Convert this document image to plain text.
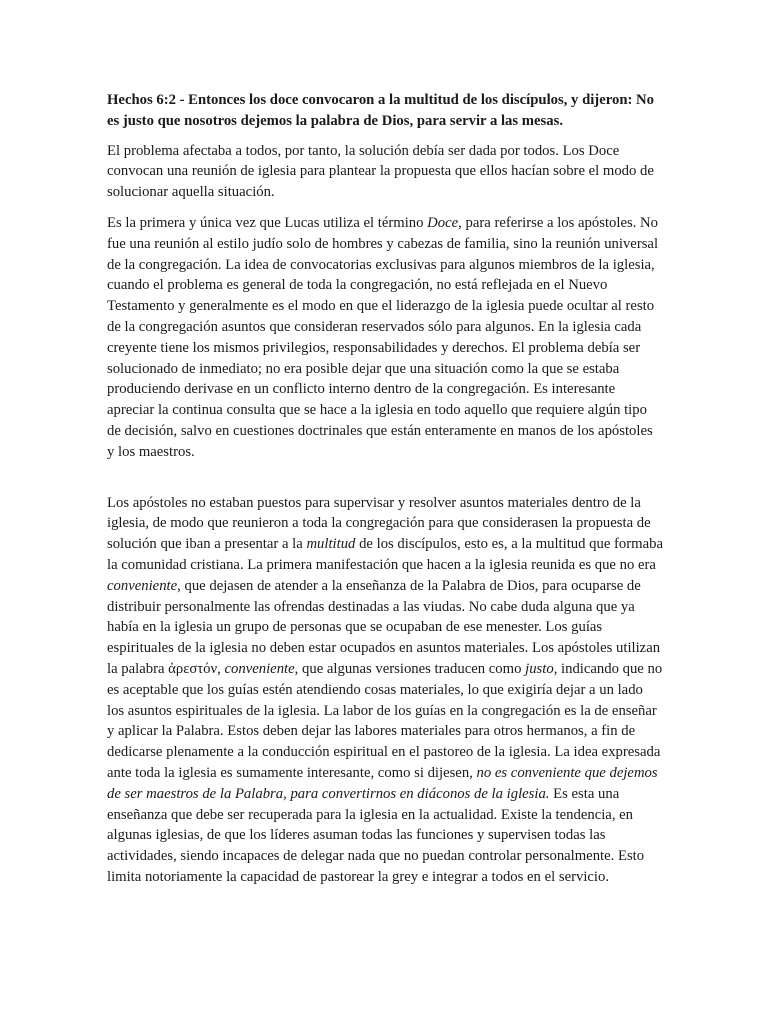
Hechos 6:2 - Entonces los doce convocaron a la multitud de los discípulos, y dijeron: No es justo que nosotros dejemos la palabra de Dios, para servir a las mesas.

El problema afectaba a todos, por tanto, la solución debía ser dada por todos. Los Doce convocan una reunión de iglesia para plantear la propuesta que ellos hacían sobre el modo de solucionar aquella situación.

Es la primera y única vez que Lucas utiliza el término Doce, para referirse a los apóstoles. No fue una reunión al estilo judío solo de hombres y cabezas de familia, sino la reunión universal de la congregación. La idea de convocatorias exclusivas para algunos miembros de la iglesia, cuando el problema es general de toda la congregación, no está reflejada en el Nuevo Testamento y generalmente es el modo en que el liderazgo de la iglesia puede ocultar al resto de la congregación asuntos que consideran reservados sólo para algunos. En la iglesia cada creyente tiene los mismos privilegios, responsabilidades y derechos. El problema debía ser solucionado de inmediato; no era posible dejar que una situación como la que se estaba produciendo derivase en un conflicto interno dentro de la congregación. Es interesante apreciar la continua consulta que se hace a la iglesia en todo aquello que requiere algún tipo de decisión, salvo en cuestiones doctrinales que están enteramente en manos de los apóstoles y los maestros.

Los apóstoles no estaban puestos para supervisar y resolver asuntos materiales dentro de la iglesia, de modo que reunieron a toda la congregación para que considerasen la propuesta de solución que iban a presentar a la multitud de los discípulos, esto es, a la multitud que formaba la comunidad cristiana. La primera manifestación que hacen a la iglesia reunida es que no era conveniente, que dejasen de atender a la enseñanza de la Palabra de Dios, para ocuparse de distribuir personalmente las ofrendas destinadas a las viudas. No cabe duda alguna que ya había en la iglesia un grupo de personas que se ocupaban de ese menester. Los guías espirituales de la iglesia no deben estar ocupados en asuntos materiales. Los apóstoles utilizan la palabra ἀρεστόν, conveniente, que algunas versiones traducen como justo, indicando que no es aceptable que los guías estén atendiendo cosas materiales, lo que exigiría dejar a un lado los asuntos espirituales de la iglesia. La labor de los guías en la congregación es la de enseñar y aplicar la Palabra. Estos deben dejar las labores materiales para otros hermanos, a fin de dedicarse plenamente a la conducción espiritual en el pastoreo de la iglesia. La idea expresada ante toda la iglesia es sumamente interesante, como si dijesen, no es conveniente que dejemos de ser maestros de la Palabra, para convertirnos en diáconos de la iglesia. Es esta una enseñanza que debe ser recuperada para la iglesia en la actualidad. Existe la tendencia, en algunas iglesias, de que los líderes asuman todas las funciones y supervisen todas las actividades, siendo incapaces de delegar nada que no puedan controlar personalmente. Esto limita notoriamente la capacidad de pastorear la grey e integrar a todos en el servicio.
